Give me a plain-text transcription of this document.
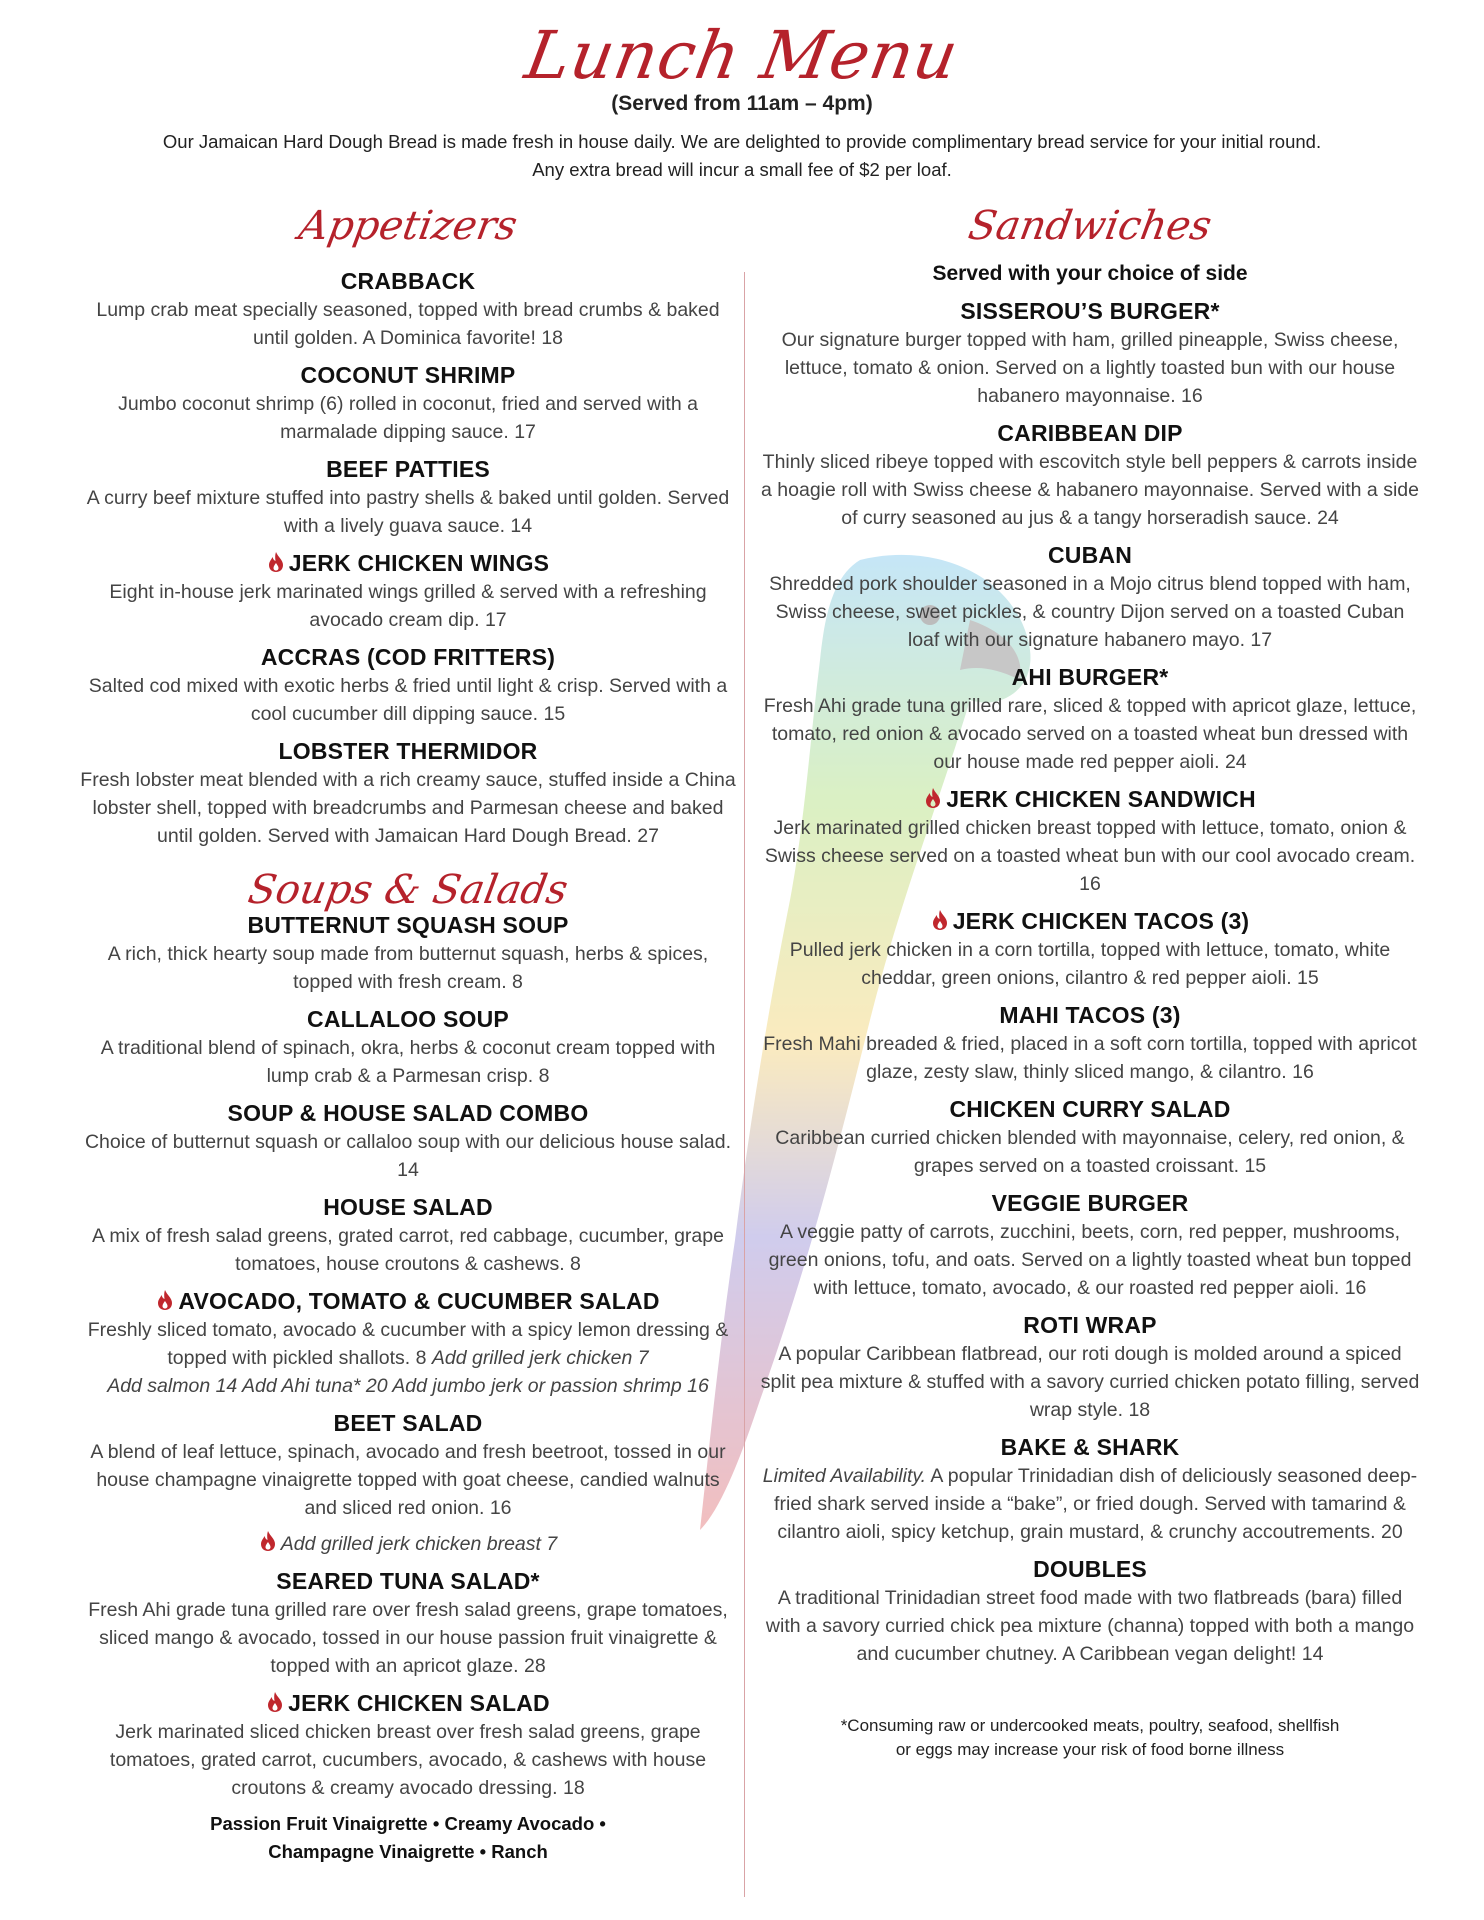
Lunch Menu
(Served from 11am – 4pm)
Our Jamaican Hard Dough Bread is made fresh in house daily. We are delighted to provide complimentary bread service for your initial round.
Any extra bread will incur a small fee of $2 per loaf.
Appetizers
CRABBACK
Lump crab meat specially seasoned, topped with bread crumbs & baked until golden. A Dominica favorite! 18
COCONUT SHRIMP
Jumbo coconut shrimp (6) rolled in coconut, fried and served with a marmalade dipping sauce. 17
BEEF PATTIES
A curry beef mixture stuffed into pastry shells & baked until golden. Served with a lively guava sauce. 14
JERK CHICKEN WINGS
Eight in-house jerk marinated wings grilled & served with a refreshing avocado cream dip. 17
ACCRAS (COD FRITTERS)
Salted cod mixed with exotic herbs & fried until light & crisp. Served with a cool cucumber dill dipping sauce. 15
LOBSTER THERMIDOR
Fresh lobster meat blended with a rich creamy sauce, stuffed inside a China lobster shell, topped with breadcrumbs and Parmesan cheese and baked until golden. Served with Jamaican Hard Dough Bread. 27
Soups & Salads
BUTTERNUT SQUASH SOUP
A rich, thick hearty soup made from butternut squash, herbs & spices, topped with fresh cream. 8
CALLALOO SOUP
A traditional blend of spinach, okra, herbs & coconut cream topped with lump crab & a Parmesan crisp. 8
SOUP & HOUSE SALAD COMBO
Choice of butternut squash or callaloo soup with our delicious house salad. 14
HOUSE SALAD
A mix of fresh salad greens, grated carrot, red cabbage, cucumber, grape tomatoes, house croutons & cashews. 8
AVOCADO, TOMATO & CUCUMBER SALAD
Freshly sliced tomato, avocado & cucumber with a spicy lemon dressing & topped with pickled shallots. 8 Add grilled jerk chicken 7
Add salmon 14 Add Ahi tuna* 20 Add jumbo jerk or passion shrimp 16
BEET SALAD
A blend of leaf lettuce, spinach, avocado and fresh beetroot, tossed in our house champagne vinaigrette topped with goat cheese, candied walnuts and sliced red onion. 16
Add grilled jerk chicken breast 7
SEARED TUNA SALAD*
Fresh Ahi grade tuna grilled rare over fresh salad greens, grape tomatoes, sliced mango & avocado, tossed in our house passion fruit vinaigrette & topped with an apricot glaze. 28
JERK CHICKEN SALAD
Jerk marinated sliced chicken breast over fresh salad greens, grape tomatoes, grated carrot, cucumbers, avocado, & cashews with house croutons & creamy avocado dressing. 18
Passion Fruit Vinaigrette • Creamy Avocado •
Champagne Vinaigrette • Ranch
Sandwiches
Served with your choice of side
SISSEROU’S BURGER*
Our signature burger topped with ham, grilled pineapple, Swiss cheese, lettuce, tomato & onion. Served on a lightly toasted bun with our house habanero mayonnaise. 16
CARIBBEAN DIP
Thinly sliced ribeye topped with escovitch style bell peppers & carrots inside a hoagie roll with Swiss cheese & habanero mayonnaise. Served with a side of curry seasoned au jus & a tangy horseradish sauce. 24
CUBAN
Shredded pork shoulder seasoned in a Mojo citrus blend topped with ham, Swiss cheese, sweet pickles, & country Dijon served on a toasted Cuban loaf with our signature habanero mayo. 17
AHI BURGER*
Fresh Ahi grade tuna grilled rare, sliced & topped with apricot glaze, lettuce, tomato, red onion & avocado served on a toasted wheat bun dressed with our house made red pepper aioli. 24
JERK CHICKEN SANDWICH
Jerk marinated grilled chicken breast topped with lettuce, tomato, onion & Swiss cheese served on a toasted wheat bun with our cool avocado cream. 16
JERK CHICKEN TACOS (3)
Pulled jerk chicken in a corn tortilla, topped with lettuce, tomato, white cheddar, green onions, cilantro & red pepper aioli. 15
MAHI TACOS (3)
Fresh Mahi breaded & fried, placed in a soft corn tortilla, topped with apricot glaze, zesty slaw, thinly sliced mango, & cilantro. 16
CHICKEN CURRY SALAD
Caribbean curried chicken blended with mayonnaise, celery, red onion, & grapes served on a toasted croissant. 15
VEGGIE BURGER
A veggie patty of carrots, zucchini, beets, corn, red pepper, mushrooms, green onions, tofu, and oats. Served on a lightly toasted wheat bun topped with lettuce, tomato, avocado, & our roasted red pepper aioli. 16
ROTI WRAP
A popular Caribbean flatbread, our roti dough is molded around a spiced split pea mixture & stuffed with a savory curried chicken potato filling, served wrap style. 18
BAKE & SHARK
Limited Availability. A popular Trinidadian dish of deliciously seasoned deep-fried shark served inside a “bake”, or fried dough. Served with tamarind & cilantro aioli, spicy ketchup, grain mustard, & crunchy accoutrements. 20
DOUBLES
A traditional Trinidadian street food made with two flatbreads (bara) filled with a savory curried chick pea mixture (channa) topped with both a mango and cucumber chutney. A Caribbean vegan delight! 14
*Consuming raw or undercooked meats, poultry, seafood, shellfish
or eggs may increase your risk of food borne illness
